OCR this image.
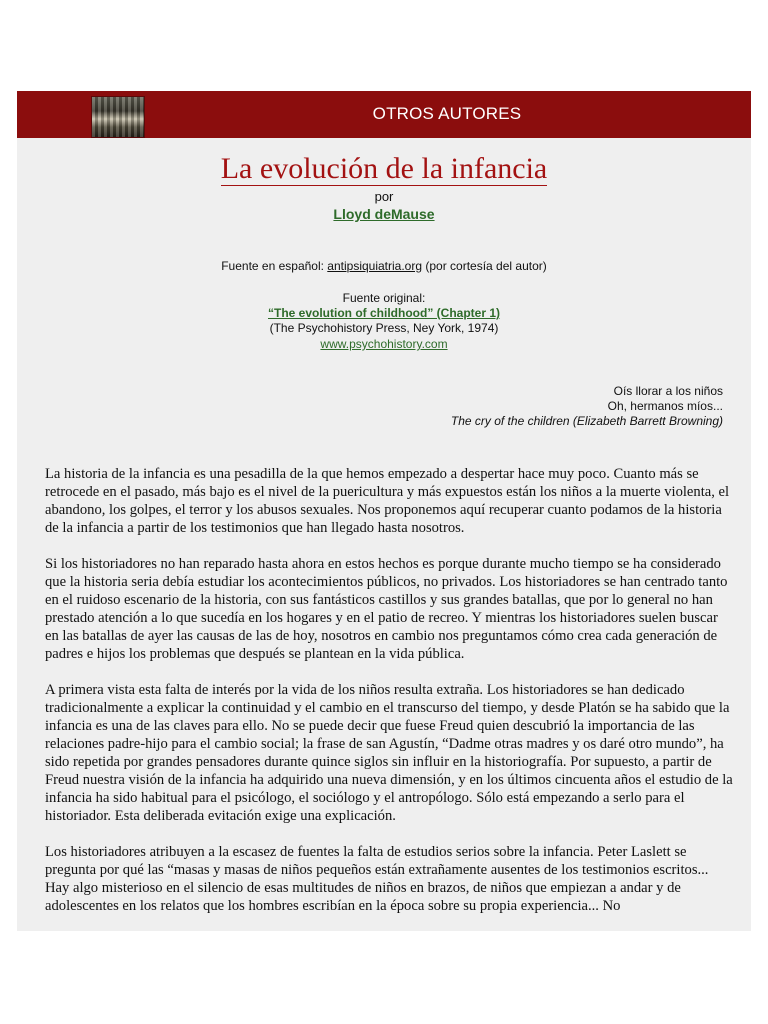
OTROS AUTORES
La evolución de la infancia
por
Lloyd deMause
Fuente en español: antipsiquiatria.org (por cortesía del autor)
Fuente original:
“The evolution of childhood” (Chapter 1)
(The Psychohistory Press, Ney York, 1974)
www.psychohistory.com
Oís llorar a los niños
Oh, hermanos míos...
The cry of the children (Elizabeth Barrett Browning)

La historia de la infancia es una pesadilla de la que hemos empezado a despertar hace muy poco. Cuanto más se retrocede en el pasado, más bajo es el nivel de la puericultura y más expuestos están los niños a la muerte violenta, el abandono, los golpes, el terror y los abusos sexuales. Nos proponemos aquí recuperar cuanto podamos de la historia de la infancia a partir de los testimonios que han llegado hasta nosotros.

Si los historiadores no han reparado hasta ahora en estos hechos es porque durante mucho tiempo se ha considerado que la historia seria debía estudiar los acontecimientos públicos, no privados. Los historiadores se han centrado tanto en el ruidoso escenario de la historia, con sus fantásticos castillos y sus grandes batallas, que por lo general no han prestado atención a lo que sucedía en los hogares y en el patio de recreo. Y mientras los historiadores suelen buscar en las batallas de ayer las causas de las de hoy, nosotros en cambio nos preguntamos cómo crea cada generación de padres e hijos los problemas que después se plantean en la vida pública.

A primera vista esta falta de interés por la vida de los niños resulta extraña. Los historiadores se han dedicado tradicionalmente a explicar la continuidad y el cambio en el transcurso del tiempo, y desde Platón se ha sabido que la infancia es una de las claves para ello. No se puede decir que fuese Freud quien descubrió la importancia de las relaciones padre-hijo para el cambio social; la frase de san Agustín, “Dadme otras madres y os daré otro mundo”, ha sido repetida por grandes pensadores durante quince siglos sin influir en la historiografía. Por supuesto, a partir de Freud nuestra visión de la infancia ha adquirido una nueva dimensión, y en los últimos cincuenta años el estudio de la infancia ha sido habitual para el psicólogo, el sociólogo y el antropólogo. Sólo está empezando a serlo para el historiador. Esta deliberada evitación exige una explicación.

Los historiadores atribuyen a la escasez de fuentes la falta de estudios serios sobre la infancia. Peter Laslett se pregunta por qué las “masas y masas de niños pequeños están extrañamente ausentes de los testimonios escritos... Hay algo misterioso en el silencio de esas multitudes de niños en brazos, de niños que empiezan a andar y de adolescentes en los relatos que los hombres escribían en la época sobre su propia experiencia... No
